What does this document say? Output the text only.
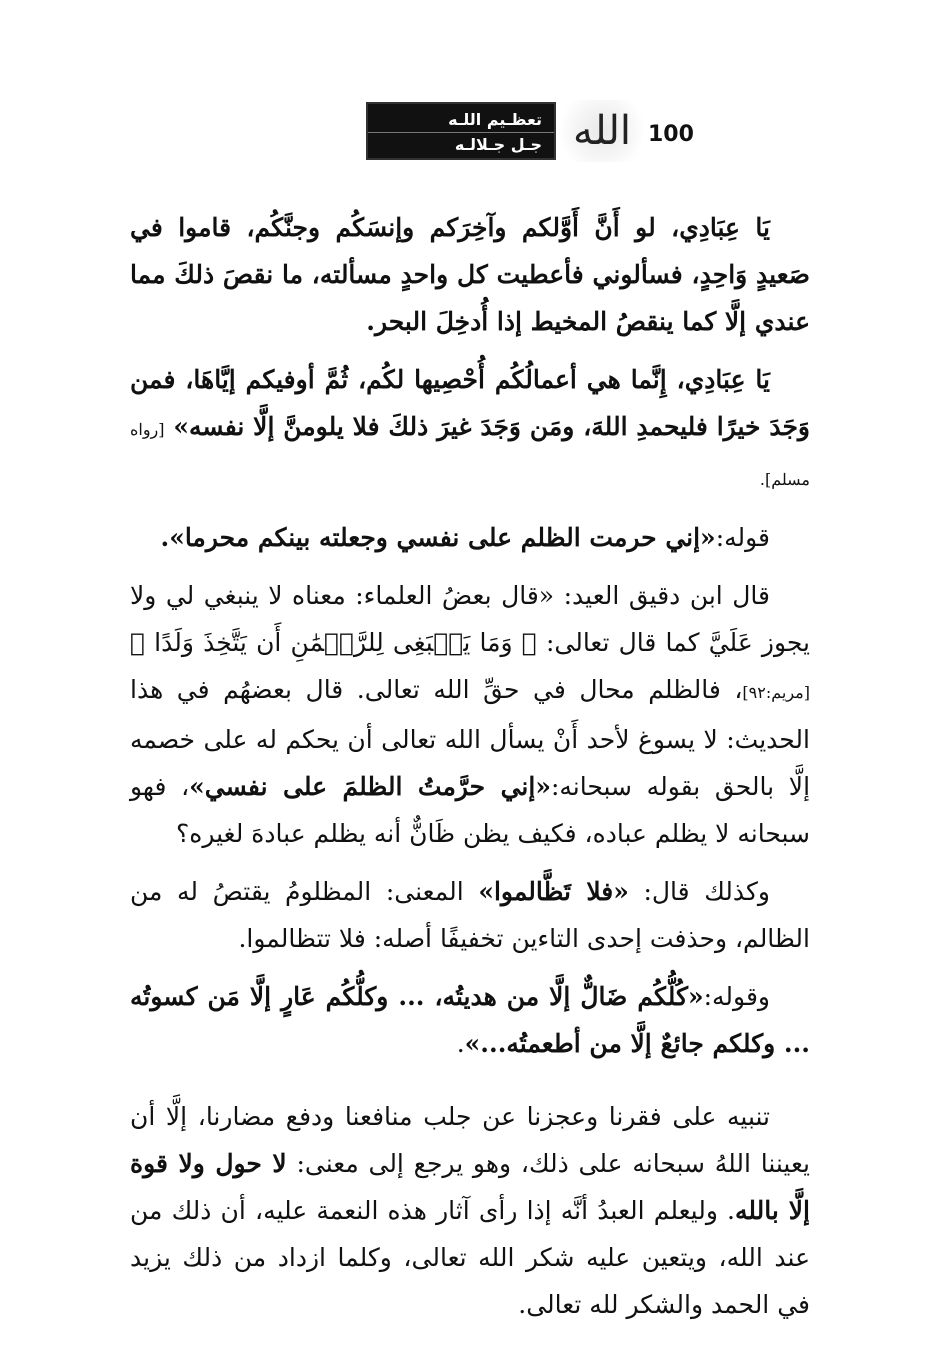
تعظـيم اللـه
جـل جـلالـه الله 100

يَا عِبَادِي، لو أَنَّ أَوَّلكم وآخِرَكم وإنسَكُم وجنَّكُم، قاموا في صَعيدٍ وَاحِدٍ، فسألوني فأعطيت كل واحدٍ مسألته، ما نقصَ ذلكَ مما عندي إلَّا كما ينقصُ المخيط إذا أُدخِلَ البحر.

يَا عِبَادِي، إِنَّما هي أعمالُكُم أُحْصِيها لكُم، ثُمَّ أوفيكم إيَّاهَا، فمن وَجَدَ خيرًا فليحمدِ اللهَ، ومَن وَجَدَ غيرَ ذلكَ فلا يلومنَّ إلَّا نفسه» [رواه مسلم].

قوله:«إني حرمت الظلم على نفسي وجعلته بينكم محرما».

قال ابن دقيق العيد: «قال بعضُ العلماء: معناه لا ينبغي لي ولا يجوز عَلَيَّ كما قال تعالى: ﴿ وَمَا يَنۢبَغِى لِلرَّحۡمَٰنِ أَن يَتَّخِذَ وَلَدًا ﴾ [مريم:٩٢]، فالظلم محال في حقِّ الله تعالى. قال بعضهُم في هذا الحديث: لا يسوغ لأحد أَنْ يسأل الله تعالى أن يحكم له على خصمه إلَّا بالحق بقوله سبحانه:«إني حرَّمتُ الظلمَ على نفسي»، فهو سبحانه لا يظلم عباده، فكيف يظن ظَانٌّ أنه يظلم عبادهَ لغيره؟

وكذلك قال: «فلا تَظَّالموا» المعنى: المظلومُ يقتصُ له من الظالم، وحذفت إحدى التاءين تخفيفًا أصله: فلا تتظالموا.

وقوله:«كُلُّكُم ضَالٌّ إلَّا من هديتُه، ... وكلُّكُم عَارٍ إلَّا مَن كسوتُه ... وكلكم جائعٌ إلَّا من أطعمتُه...».

تنبيه على فقرنا وعجزنا عن جلب منافعنا ودفع مضارنا، إلَّا أن يعيننا اللهُ سبحانه على ذلك، وهو يرجع إلى معنى: لا حول ولا قوة إلَّا بالله. وليعلم العبدُ أنَّه إذا رأى آثار هذه النعمة عليه، أن ذلك من عند الله، ويتعين عليه شكر الله تعالى، وكلما ازداد من ذلك يزيد في الحمد والشكر لله تعالى.
